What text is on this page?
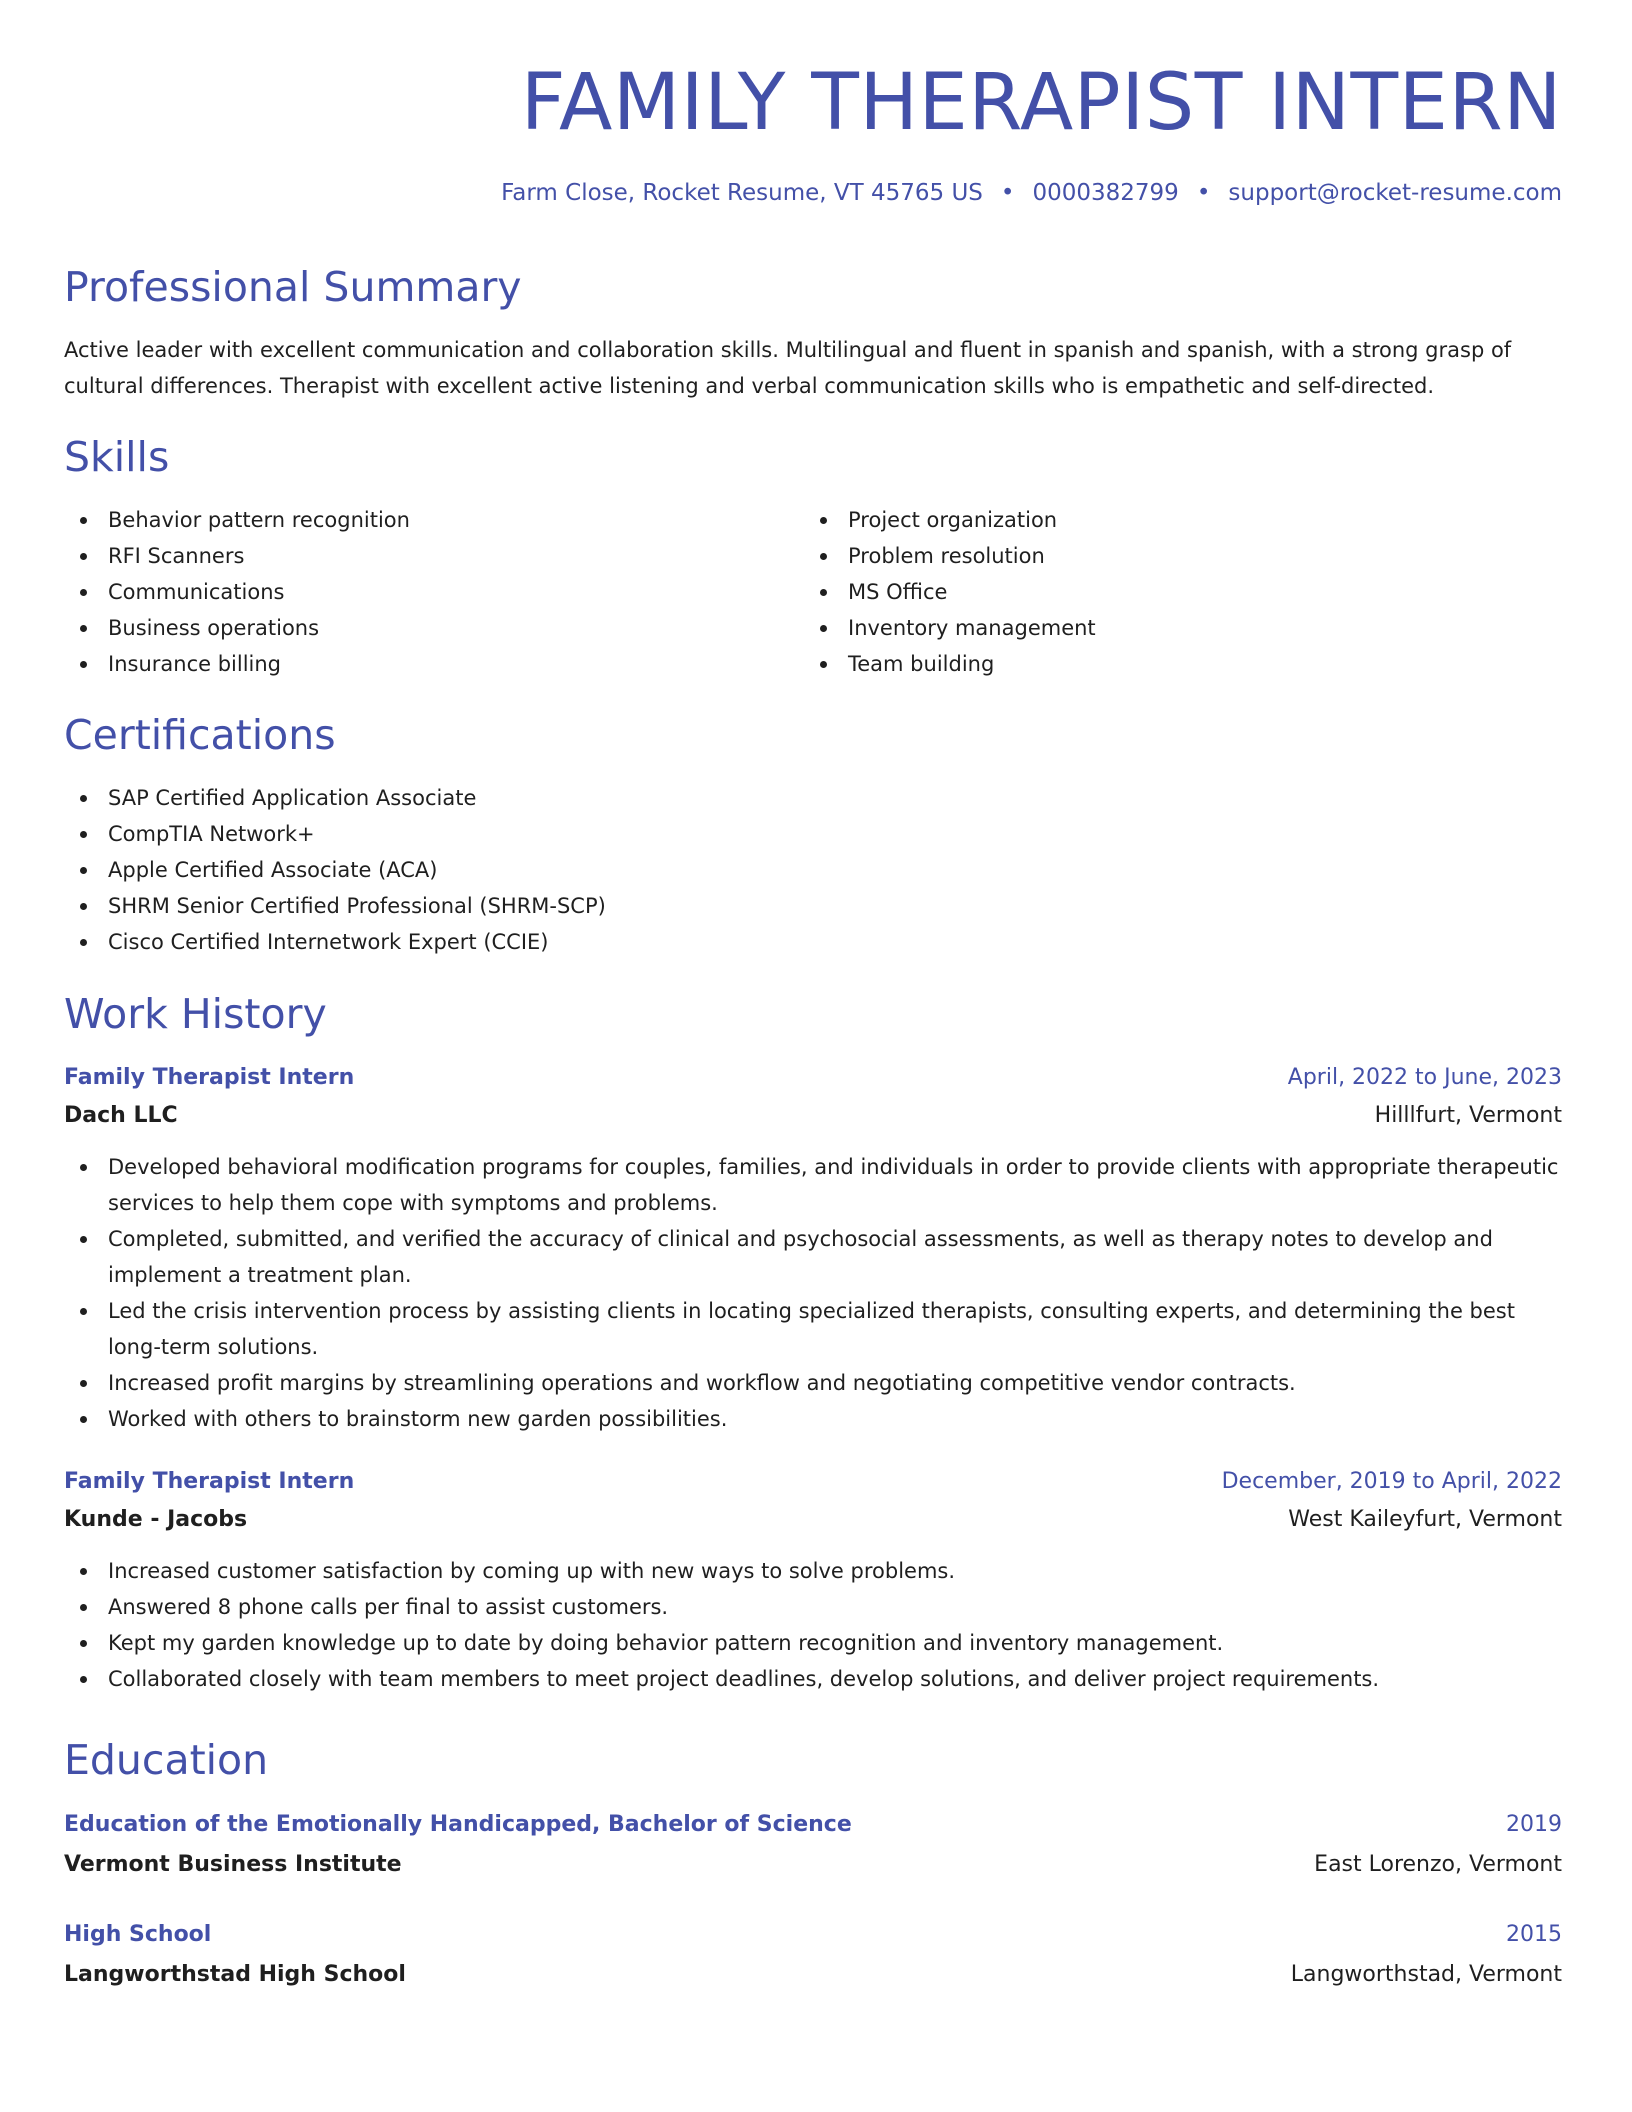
FAMILY THERAPIST INTERN
Farm Close, Rocket Resume, VT 45765 US • 0000382799 • support@rocket-resume.com
Professional Summary

Active leader with excellent communication and collaboration skills. Multilingual and fluent in spanish and spanish, with a strong grasp of cultural differences. Therapist with excellent active listening and verbal communication skills who is empathetic and self-directed.

Skills
Behavior pattern recognition
RFI Scanners
Communications
Business operations
Insurance billing
Project organization
Problem resolution
MS Office
Inventory management
Team building
Certifications
SAP Certified Application Associate
CompTIA Network+
Apple Certified Associate (ACA)
SHRM Senior Certified Professional (SHRM-SCP)
Cisco Certified Internetwork Expert (CCIE)
Work History
Family Therapist Intern	April, 2022 to June, 2023
Dach LLC	Hilllfurt, Vermont
Developed behavioral modification programs for couples, families, and individuals in order to provide clients with appropriate therapeutic services to help them cope with symptoms and problems.
Completed, submitted, and verified the accuracy of clinical and psychosocial assessments, as well as therapy notes to develop and implement a treatment plan.
Led the crisis intervention process by assisting clients in locating specialized therapists, consulting experts, and determining the best long-term solutions.
Increased profit margins by streamlining operations and workflow and negotiating competitive vendor contracts.
Worked with others to brainstorm new garden possibilities.
Family Therapist Intern	December, 2019 to April, 2022
Kunde - Jacobs	West Kaileyfurt, Vermont
Increased customer satisfaction by coming up with new ways to solve problems.
Answered 8 phone calls per final to assist customers.
Kept my garden knowledge up to date by doing behavior pattern recognition and inventory management.
Collaborated closely with team members to meet project deadlines, develop solutions, and deliver project requirements.
Education
Education of the Emotionally Handicapped, Bachelor of Science	2019
Vermont Business Institute	East Lorenzo, Vermont
High School	2015
Langworthstad High School	Langworthstad, Vermont
